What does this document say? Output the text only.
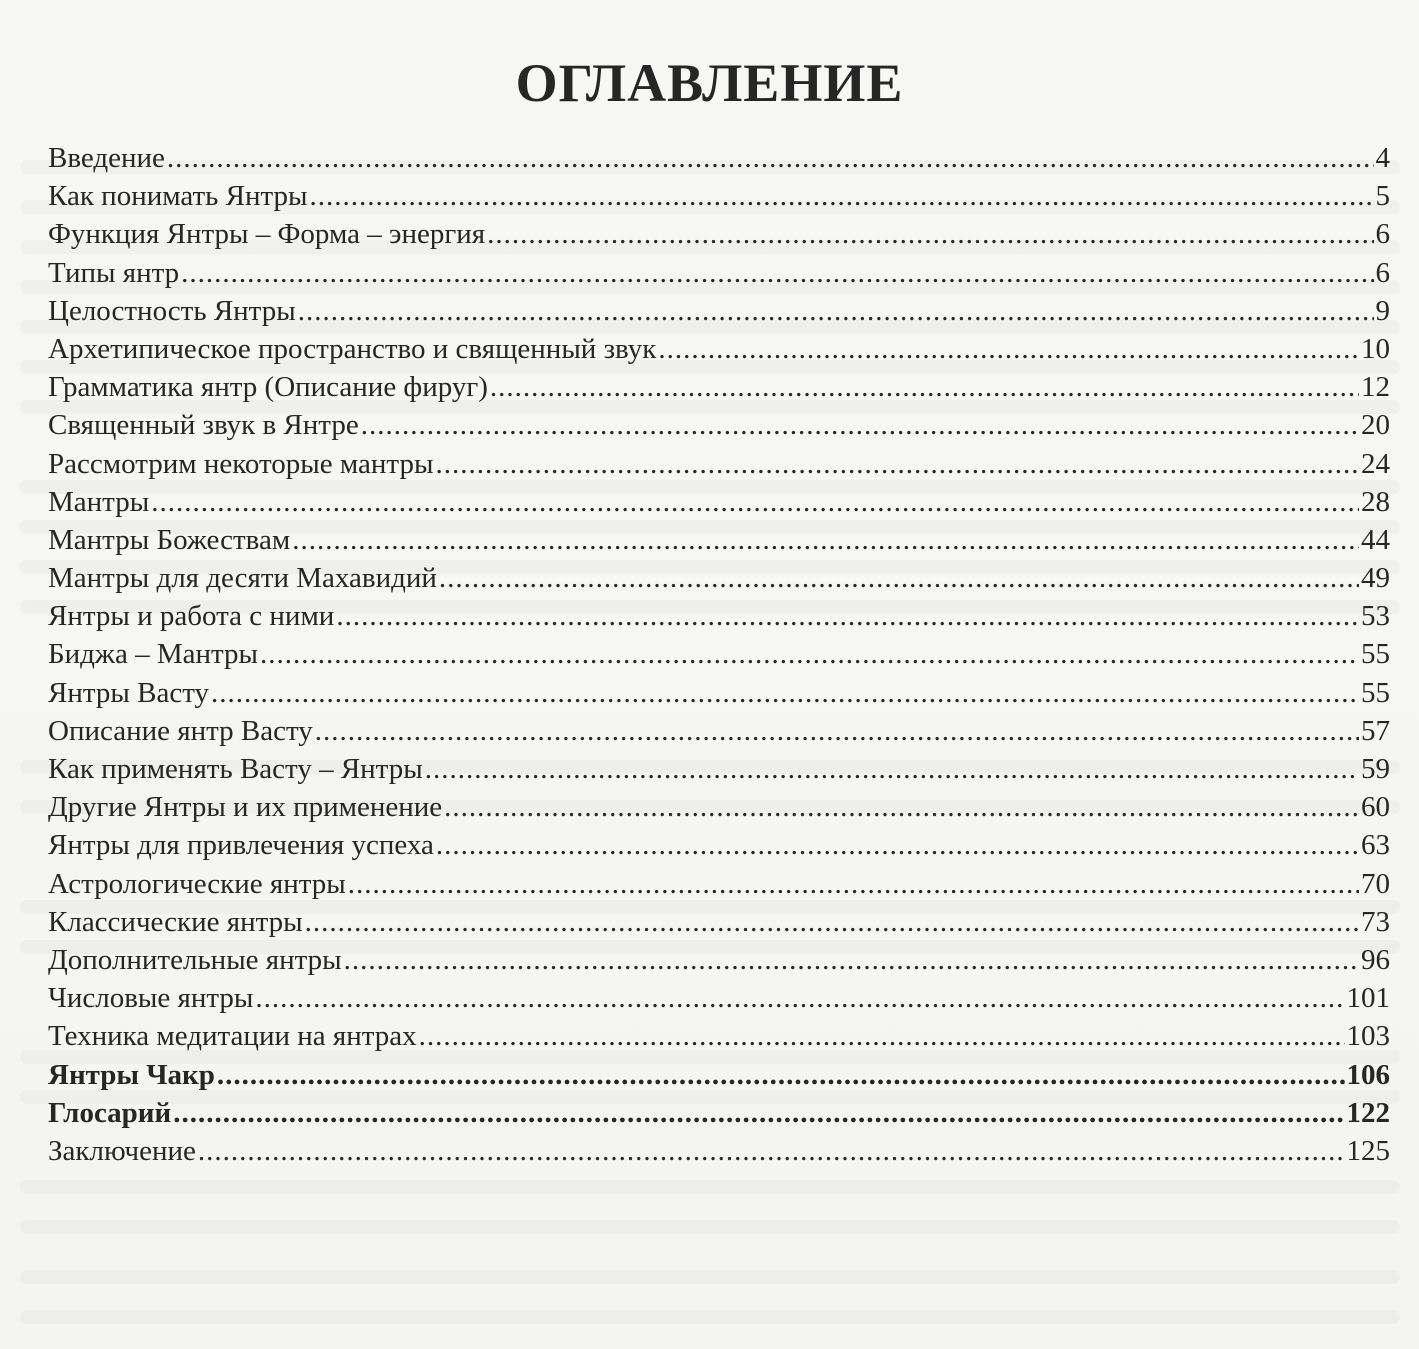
ОГЛАВЛЕНИЕ
Введение .....	4
Как понимать Янтры .....	5
Функция Янтры – Форма – энергия .....	6
Типы янтр .....	6
Целостность Янтры .....	9
Архетипическое пространство и священный звук .....	10
Грамматика янтр (Описание фируг) .....	12
Священный звук в Янтре .....	20
Рассмотрим некоторые мантры .....	24
Мантры .....	28
Мантры Божествам .....	44
Мантры для десяти Махавидий .....	49
Янтры и работа с ними .....	53
Биджа – Мантры .....	55
Янтры Васту .....	55
Описание янтр Васту .....	57
Как применять Васту – Янтры .....	59
Другие Янтры и их применение .....	60
Янтры для привлечения успеха .....	63
Астрологические янтры .....	70
Классические янтры .....	73
Дополнительные янтры .....	96
Числовые янтры .....	101
Техника медитации на янтрах .....	103
Янтры Чакр .....	106
Глосарий .....	122
Заключение .....	125
